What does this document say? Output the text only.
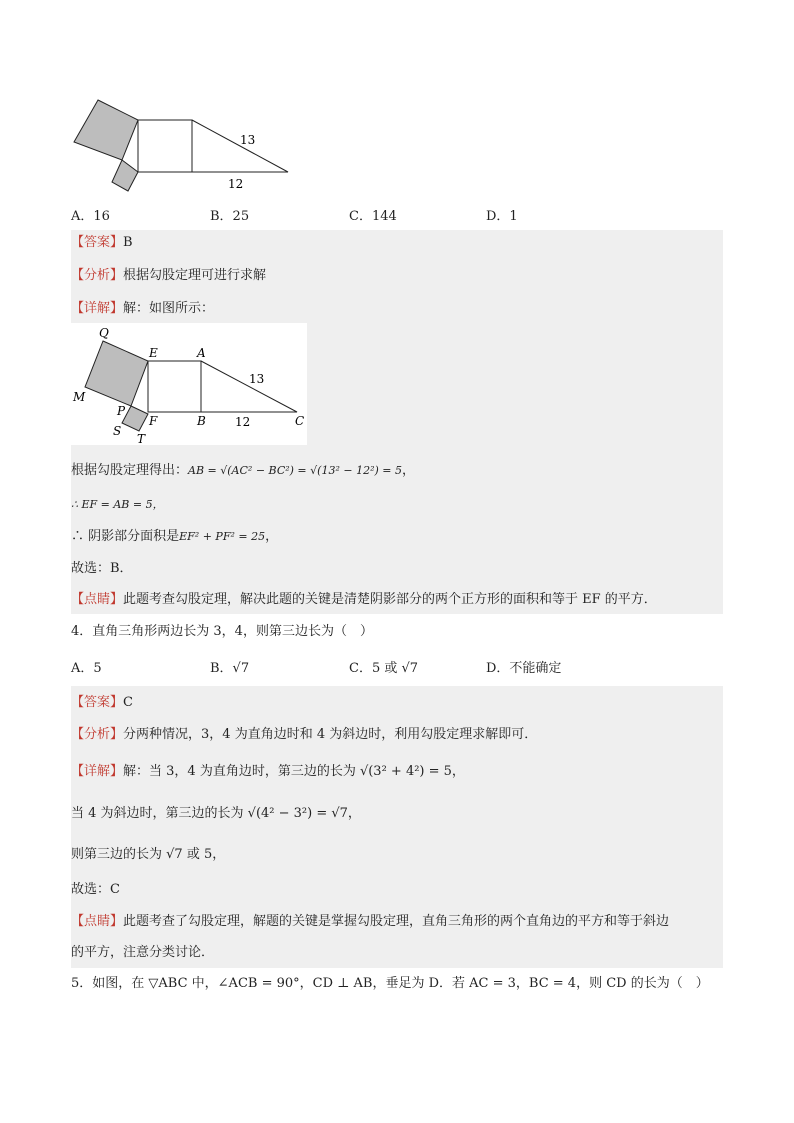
13
12
A．16	B．25	C．144	D．1
【答案】B
【分析】根据勾股定理可进行求解
【详解】解：如图所示：
Q
E	A
M
P
F	B	C
S
T
13
12
根据勾股定理得出：AB = √(AC² − BC²) = √(13² − 12²) = 5，
∴ EF = AB = 5，
∴ 阴影部分面积是EF² + PF² = 25，
故选：B．
【点睛】此题考查勾股定理，解决此题的关键是清楚阴影部分的两个正方形的面积和等于 EF 的平方．
4．直角三角形两边长为 3，4，则第三边长为（　）
A．5	B．√7	C．5 或 √7	D．不能确定
【答案】C
【分析】分两种情况，3，4 为直角边时和 4 为斜边时，利用勾股定理求解即可．
【详解】解：当 3，4 为直角边时，第三边的长为 √(3² + 4²) = 5，
当 4 为斜边时，第三边的长为 √(4² − 3²) = √7，
则第三边的长为 √7 或 5，
故选：C
【点睛】此题考查了勾股定理，解题的关键是掌握勾股定理，直角三角形的两个直角边的平方和等于斜边
的平方，注意分类讨论．
5．如图，在 ▽ABC 中，∠ACB = 90°，CD ⊥ AB，垂足为 D．若 AC = 3，BC = 4，则 CD 的长为（　）
